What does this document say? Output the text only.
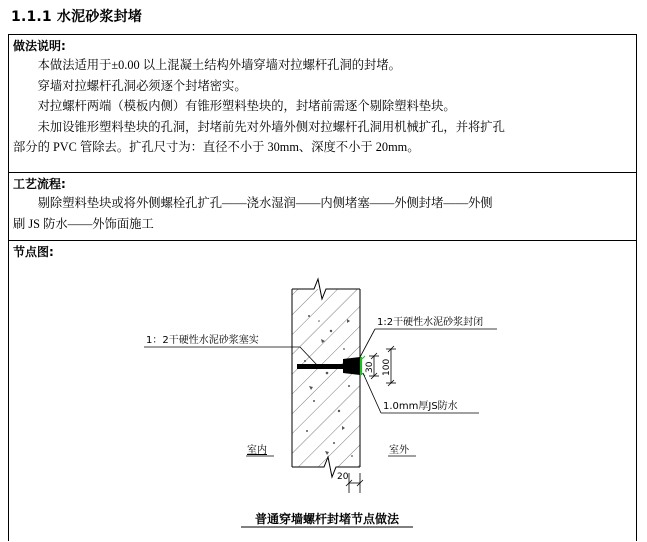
1.1.1 水泥砂浆封堵
做法说明:

本做法适用于±0.00 以上混凝土结构外墙穿墙对拉螺杆孔洞的封堵。

穿墙对拉螺杆孔洞必须逐个封堵密实。

对拉螺杆两端（模板内侧）有锥形塑料垫块的，封堵前需逐个剔除塑料垫块。

未加设锥形塑料垫块的孔洞，封堵前先对外墙外侧对拉螺杆孔洞用机械扩孔，并将扩孔

部分的 PVC 管除去。扩孔尺寸为：直径不小于 30mm、深度不小于 20mm。

工艺流程:

剔除塑料垫块或将外侧螺栓孔扩孔——浇水湿润——内侧堵塞——外侧封堵——外侧

刷 JS 防水——外饰面施工

节点图:
1：2干硬性水泥砂浆塞实
1:2干硬性水泥砂浆封闭
30 100
1.0mm厚JS防水
室内	室外
20
普通穿墙螺杆封堵节点做法
